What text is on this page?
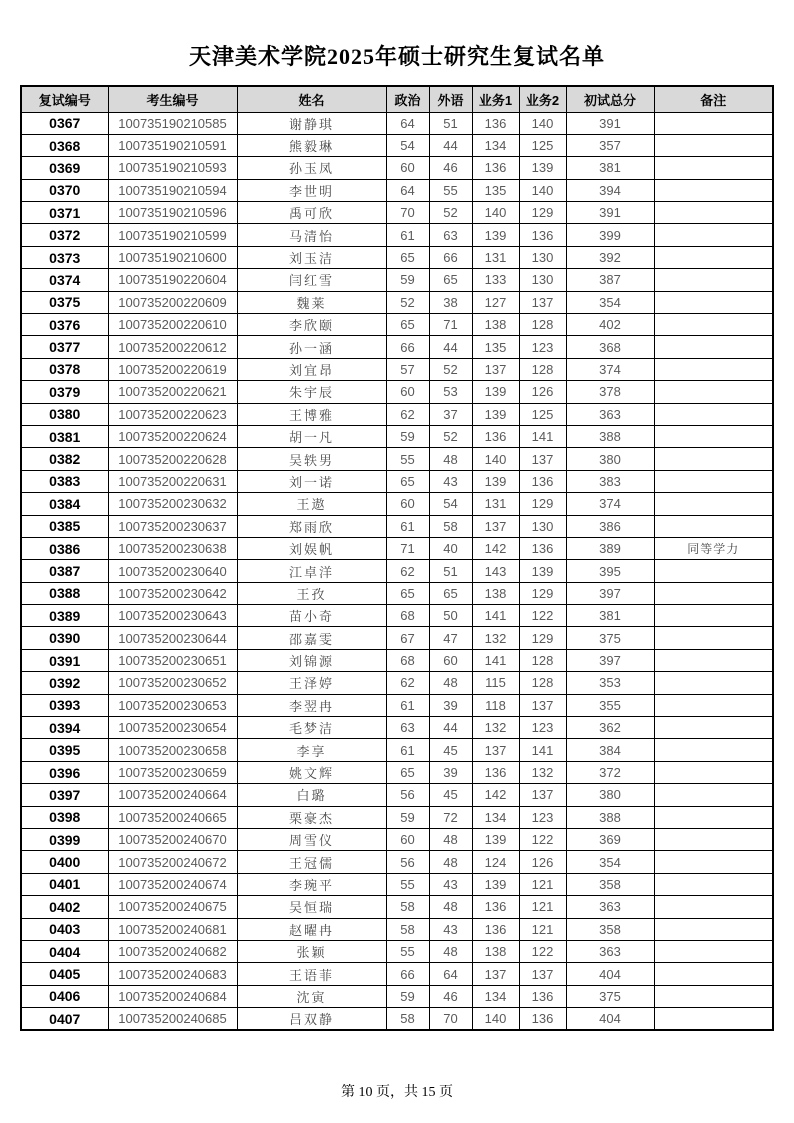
天津美术学院2025年硕士研究生复试名单
复试编号	考生编号	姓名	政治	外语	业务1	业务2	初试总分	备注
0367	100735190210585	谢静琪	64	51	136	140	391	
0368	100735190210591	熊毅琳	54	44	134	125	357	
0369	100735190210593	孙玉凤	60	46	136	139	381	
0370	100735190210594	李世明	64	55	135	140	394	
0371	100735190210596	禹可欣	70	52	140	129	391	
0372	100735190210599	马清怡	61	63	139	136	399	
0373	100735190210600	刘玉洁	65	66	131	130	392	
0374	100735190220604	闫红雪	59	65	133	130	387	
0375	100735200220609	魏莱	52	38	127	137	354	
0376	100735200220610	李欣颐	65	71	138	128	402	
0377	100735200220612	孙一涵	66	44	135	123	368	
0378	100735200220619	刘宜昂	57	52	137	128	374	
0379	100735200220621	朱宇辰	60	53	139	126	378	
0380	100735200220623	王博雅	62	37	139	125	363	
0381	100735200220624	胡一凡	59	52	136	141	388	
0382	100735200220628	吴轶男	55	48	140	137	380	
0383	100735200220631	刘一诺	65	43	139	136	383	
0384	100735200230632	王遨	60	54	131	129	374	
0385	100735200230637	郑雨欣	61	58	137	130	386	
0386	100735200230638	刘娱帆	71	40	142	136	389	同等学力
0387	100735200230640	江卓洋	62	51	143	139	395	
0388	100735200230642	王孜	65	65	138	129	397	
0389	100735200230643	苗小奇	68	50	141	122	381	
0390	100735200230644	邵嘉雯	67	47	132	129	375	
0391	100735200230651	刘锦源	68	60	141	128	397	
0392	100735200230652	王泽婷	62	48	115	128	353	
0393	100735200230653	李翌冉	61	39	118	137	355	
0394	100735200230654	毛梦洁	63	44	132	123	362	
0395	100735200230658	李享	61	45	137	141	384	
0396	100735200230659	姚文辉	65	39	136	132	372	
0397	100735200240664	白璐	56	45	142	137	380	
0398	100735200240665	栗豪杰	59	72	134	123	388	
0399	100735200240670	周雪仪	60	48	139	122	369	
0400	100735200240672	王冠儒	56	48	124	126	354	
0401	100735200240674	李琬平	55	43	139	121	358	
0402	100735200240675	吴恒瑞	58	48	136	121	363	
0403	100735200240681	赵曜冉	58	43	136	121	358	
0404	100735200240682	张颖	55	48	138	122	363	
0405	100735200240683	王语菲	66	64	137	137	404	
0406	100735200240684	沈寅	59	46	134	136	375	
0407	100735200240685	吕双静	58	70	140	136	404	
第 10 页，共 15 页
